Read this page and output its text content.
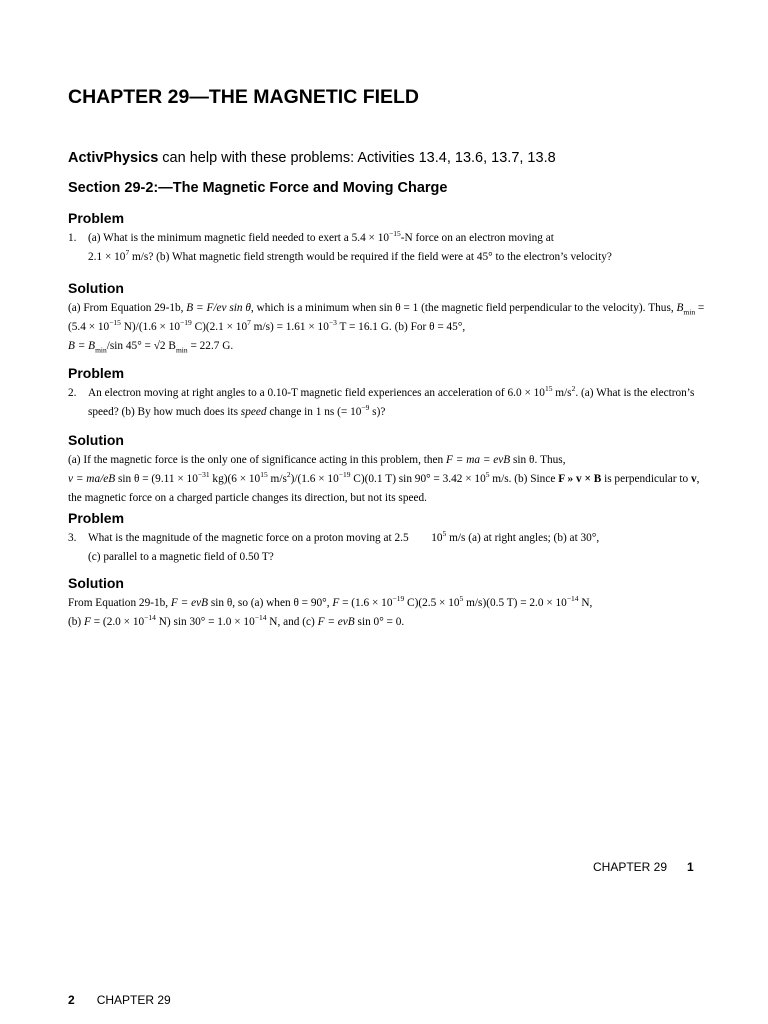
CHAPTER 29—THE MAGNETIC FIELD
ActivPhysics can help with these problems: Activities 13.4, 13.6, 13.7, 13.8
Section 29-2:—The Magnetic Force and Moving Charge
Problem
1. (a) What is the minimum magnetic field needed to exert a $5.4 \times 10^{-15}-N$ force on an electron moving at
$2.1 \times 10^7$ m/s? (b) What magnetic field strength would be required if the field were at 45° to the electron’s velocity?
Solution
(a) From Equation 29-1b, B = F/ev sin θ, which is a minimum when sin θ = 1 (the magnetic field perpendicular to the velocity). Thus, $B_{min} = (5.4 \times 10^{-15}$ $N)/(1.6 \times 10^{-19}$ $C)(2.1 \times 10^7$ $m/s) = 1.61 \times 10^{-3}$ T = 16.1 G. (b) For θ = 45°,
$B = B_{min}/\sin$ 45° = √2 $B_{min} = 22.7$ G.
Problem
2. An electron moving at right angles to a 0.10-T magnetic field experiences an acceleration of $6.0 \times 10^{15}$ $m/s^2$. (a) What is the electron’s speed? (b) By how much does its speed change in 1 ns (= $10^{-9}$ s)?
Solution
(a) If the magnetic force is the only one of significance acting in this problem, then F = ma = evB sin θ. Thus,
v = ma/eB $\sin \theta = (9.11 \times 10^{-31}$ $kg)(6 \times 10^{15}$ $m/s^2)/(1.6 \times 10^{-19}$ C)(0.1 T) $\sin 90^\circ = 3.42 \times 10^5$ m/s. (b) Since F » v × B is perpendicular to v, the magnetic force on a charged particle changes its direction, but not its speed.
Problem
3. What is the magnitude of the magnetic force on a proton moving at 2.5  $10^5$ m/s (a) at right angles; (b) at 30°,
(c) parallel to a magnetic field of 0.50 T?
Solution
From Equation 29-1b, F = evB sin θ, so (a) when θ = 90°, $F = (1.6 \times 10^{-19}$ $C)(2.5 \times 10^5$ m/s)(0.5 $T) = 2.0 \times 10^{-14}$ N,
(b) $F = (2.0 \times 10^{-14}$ N) $\sin 30^\circ = 1.0 \times 10^{-14}$ N, and (c) F = evB sin 0° = 0.
CHAPTER 29 1
2 CHAPTER 29
